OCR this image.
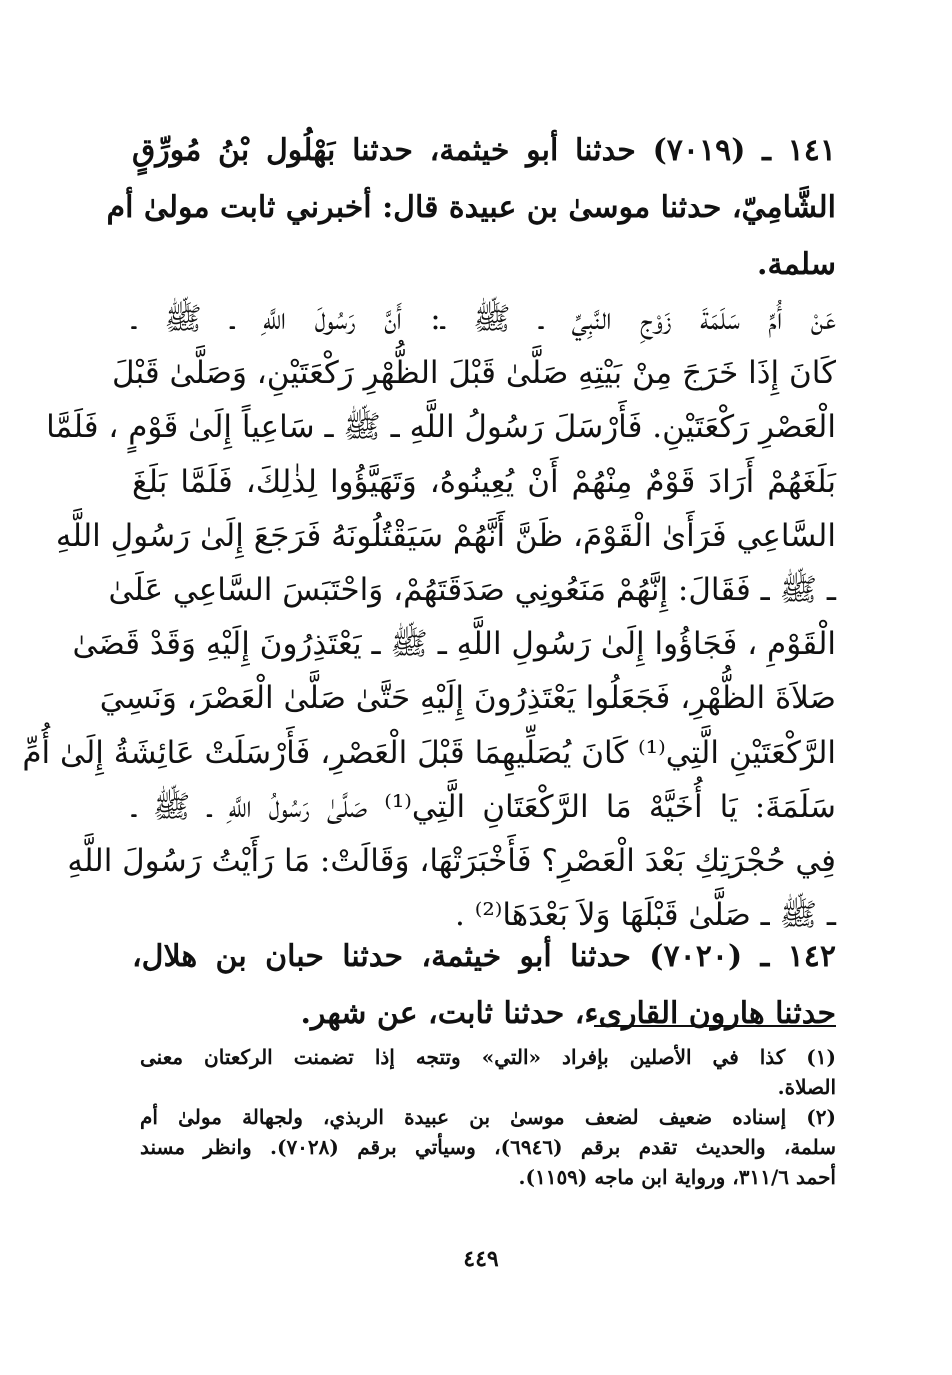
١٤١ ـ (٧٠١٩) حدثنا أبو خيثمة، حدثنا بَهْلُول بْنُ مُورِّقٍ
الشَّامِيّ، حدثنا موسىٰ بن عبيدة قال: أخبرني ثابت مولىٰ أم
سلمة.
عَنْ أُمِّ سَلَمَةَ زَوْجِ النَّبِيِّ ـ ﷺ ـ: أَنَّ رَسُولَ اللَّهِ ـ ﷺ ـ
كَانَ إِذَا خَرَجَ مِنْ بَيْتِهِ صَلَّىٰ قَبْلَ الظُّهْرِ رَكْعَتَيْنِ، وَصَلَّىٰ قَبْلَ
الْعَصْرِ رَكْعَتَيْنِ. فَأَرْسَلَ رَسُولُ اللَّهِ ـ ﷺ ـ سَاعِياً إِلَىٰ قَوْمٍ ، فَلَمَّا
بَلَغَهُمْ أَرَادَ قَوْمٌ مِنْهُمْ أَنْ يُعِينُوهُ، وَتَهَيَّؤُوا لِذٰلِكَ، فَلَمَّا بَلَغَ
السَّاعِي فَرَأَىٰ الْقَوْمَ، ظَنَّ أَنَّهُمْ سَيَقْتُلُونَهُ فَرَجَعَ إِلَىٰ رَسُولِ اللَّهِ
ـ ﷺ ـ فَقَالَ: إِنَّهُمْ مَنَعُونِي صَدَقَتَهُمْ، وَاحْتَبَسَ السَّاعِي عَلَىٰ
الْقَوْمِ ، فَجَاؤُوا إِلَىٰ رَسُولِ اللَّهِ ـ ﷺ ـ يَعْتَذِرُونَ إِلَيْهِ وَقَدْ قَضَىٰ
صَلاَةَ الظُّهْرِ، فَجَعَلُوا يَعْتَذِرُونَ إِلَيْهِ حَتَّىٰ صَلَّىٰ الْعَصْرَ، وَنَسِيَ
الرَّكْعَتَيْنِ الَّتِي⁽¹⁾ كَانَ يُصَلِّيهِمَا قَبْلَ الْعَصْرِ، فَأَرْسَلَتْ عَائِشَةُ إِلَىٰ أُمِّ
سَلَمَةَ: يَا أُخَيَّهْ مَا الرَّكْعَتَانِ الَّتِي⁽¹⁾ صَلَّىٰ رَسُولُ اللَّهِ ـ ﷺ ـ
فِي حُجْرَتِكِ بَعْدَ الْعَصْرِ؟ فَأَخْبَرَتْهَا، وَقَالَتْ: مَا رَأَيْتُ رَسُولَ اللَّهِ
ـ ﷺ ـ صَلَّىٰ قَبْلَهَا وَلاَ بَعْدَهَا⁽²⁾ .
١٤٢ ـ (٧٠٢٠) حدثنا أبو خيثمة، حدثنا حبان بن هلال،
حدثنا هارون القارىء، حدثنا ثابت، عن شهر.
(١) كذا في الأصلين بإفراد «التي» وتتجه إذا تضمنت الركعتان معنى
الصلاة.
(٢) إسناده ضعيف لضعف موسىٰ بن عبيدة الربذي، ولجهالة مولىٰ أم
سلمة، والحديث تقدم برقم (٦٩٤٦)، وسيأتي برقم (٧٠٢٨). وانظر مسند
أحمد ٣١١/٦، ورواية ابن ماجه (١١٥٩).
٤٤٩
